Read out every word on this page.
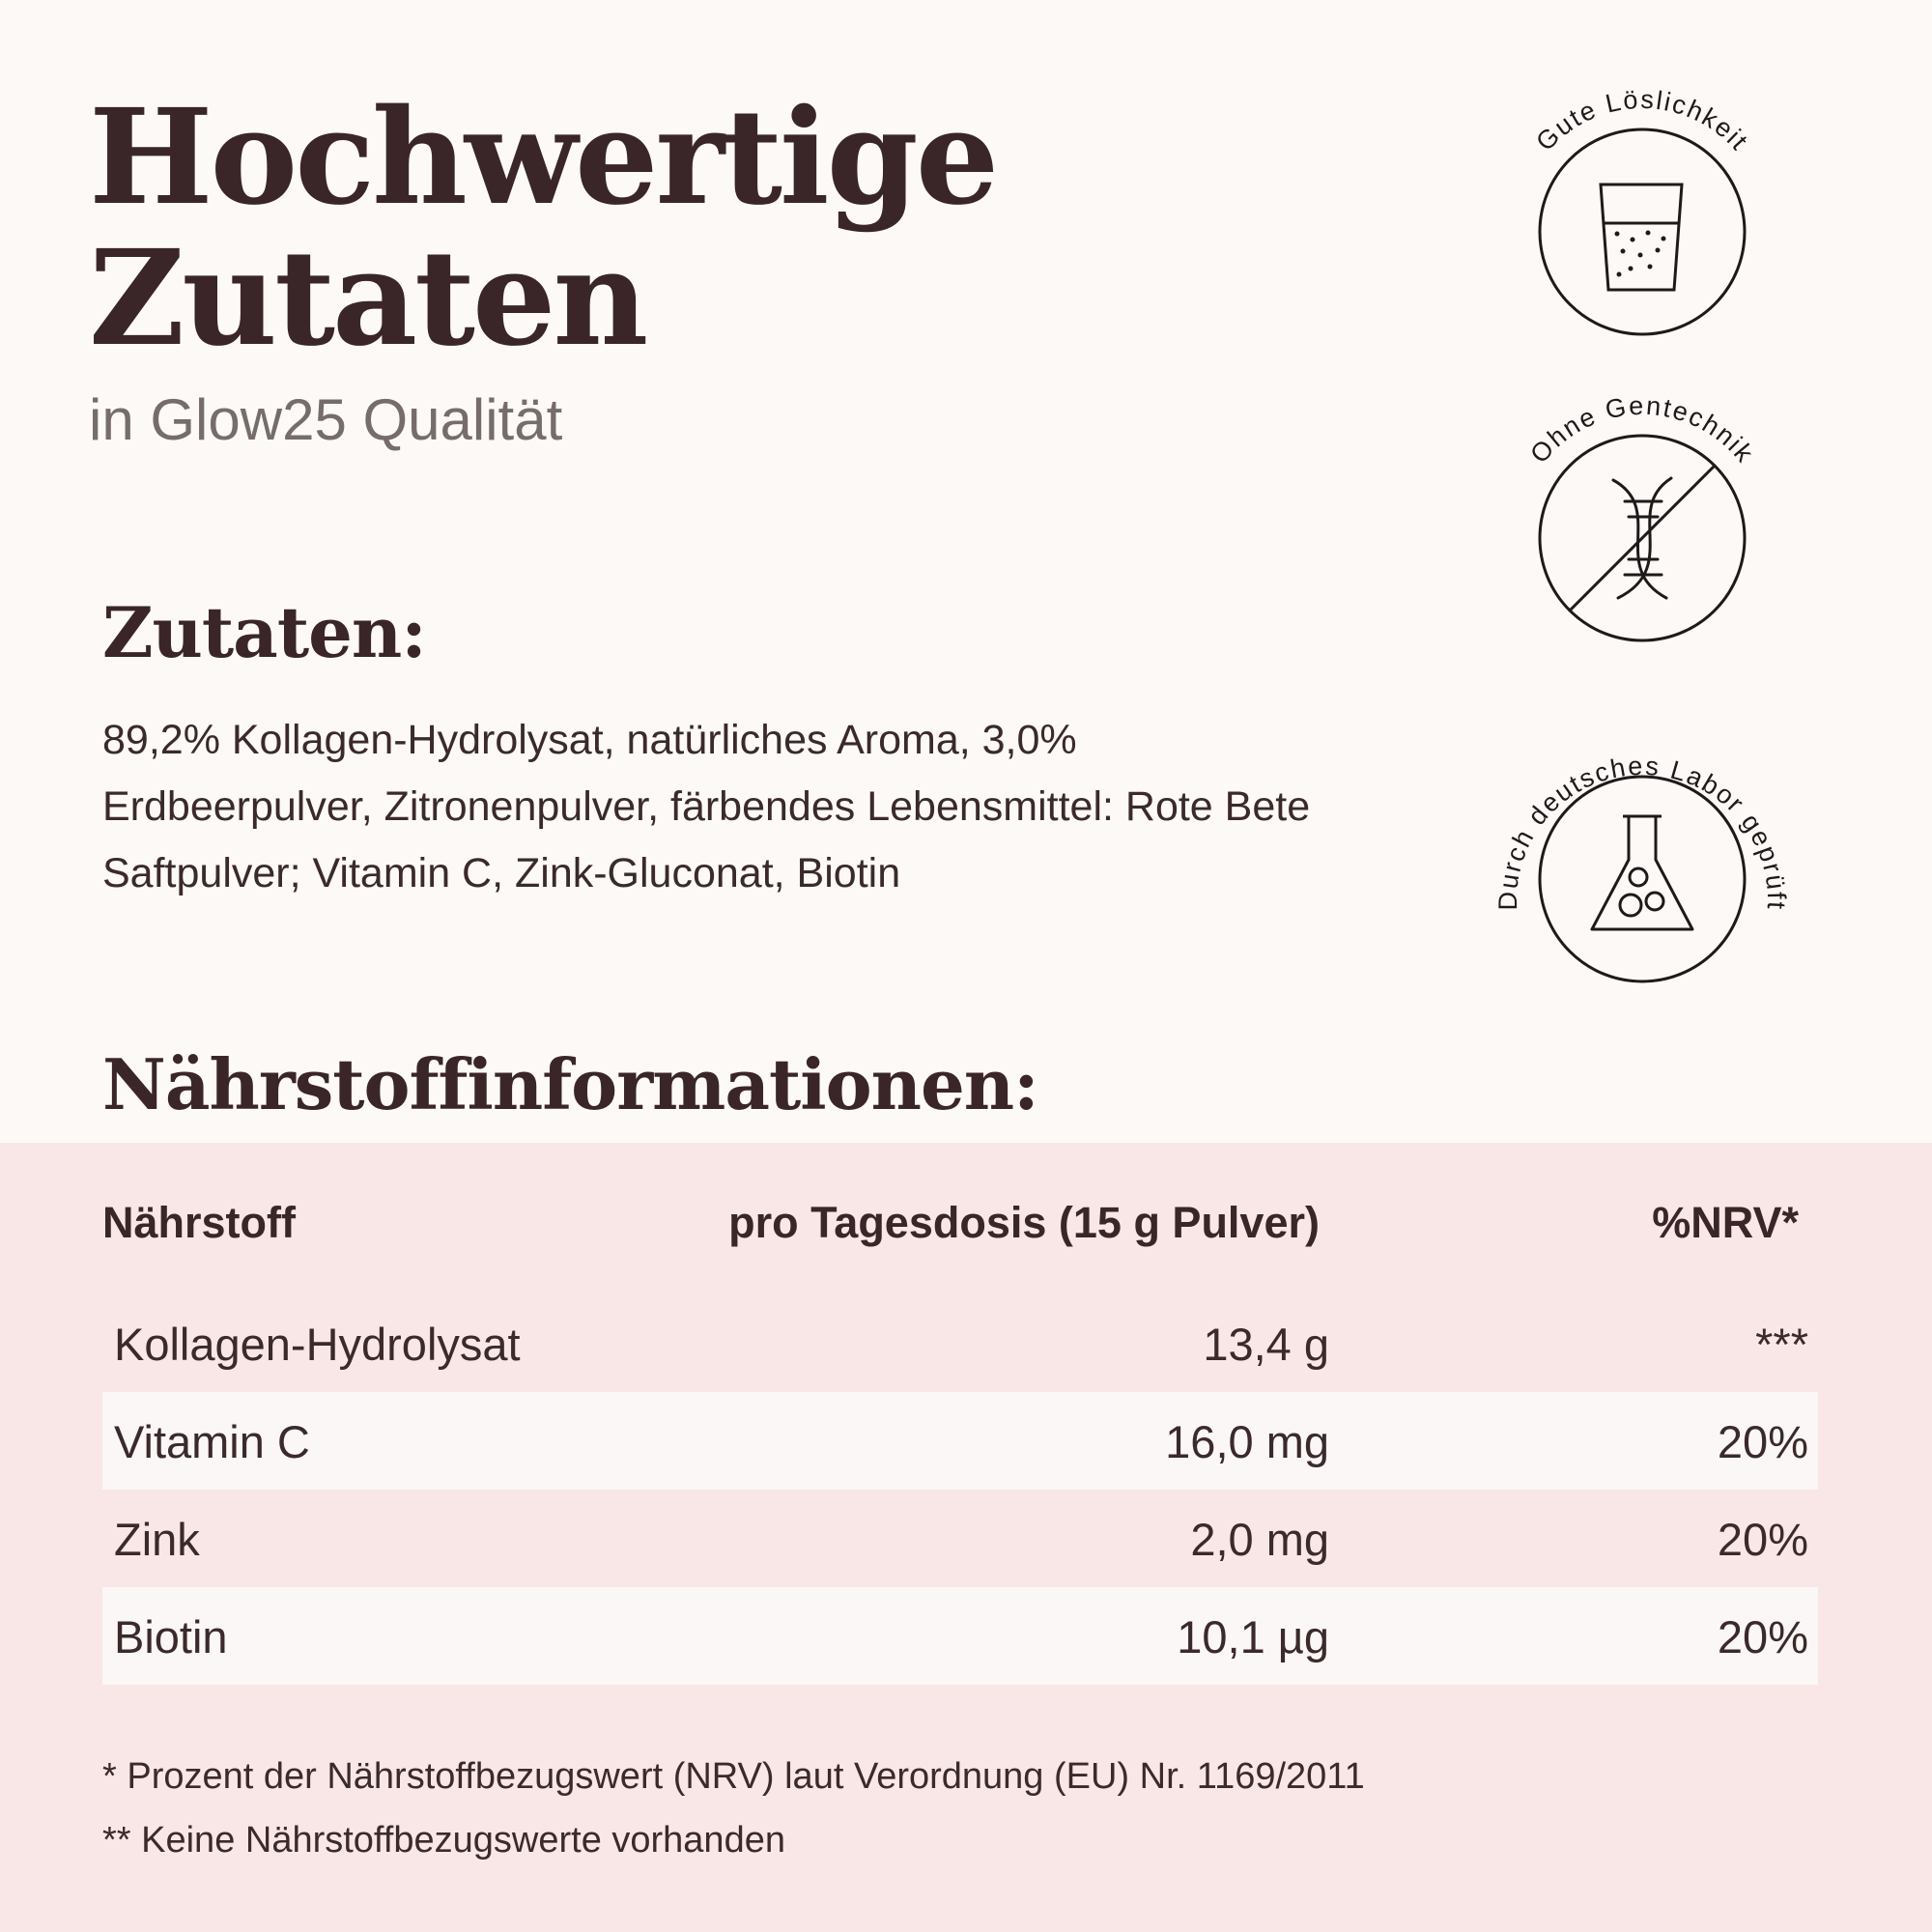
Hochwertige
Zutaten

in Glow25 Qualität

Zutaten:

89,2% Kollagen-Hydrolysat, natürliches Aroma, 3,0% Erdbeerpulver, Zitronenpulver, färbendes Lebensmittel: Rote Bete Saftpulver; Vitamin C, Zink-Gluconat, Biotin

Gute Löslichkeit
Ohne Gentechnik
Durch deutsches Labor geprüft
Nährstoffinformationen:
Nährstoff	pro Tagesdosis (15 g Pulver)	%NRV*
Kollagen-Hydrolysat	13,4 g	***
Vitamin C	16,0 mg	20%
Zink	2,0 mg	20%
Biotin	10,1 µg	20%

* Prozent der Nährstoffbezugswert (NRV) laut Verordnung (EU) Nr. 1169/2011

** Keine Nährstoffbezugswerte vorhanden
